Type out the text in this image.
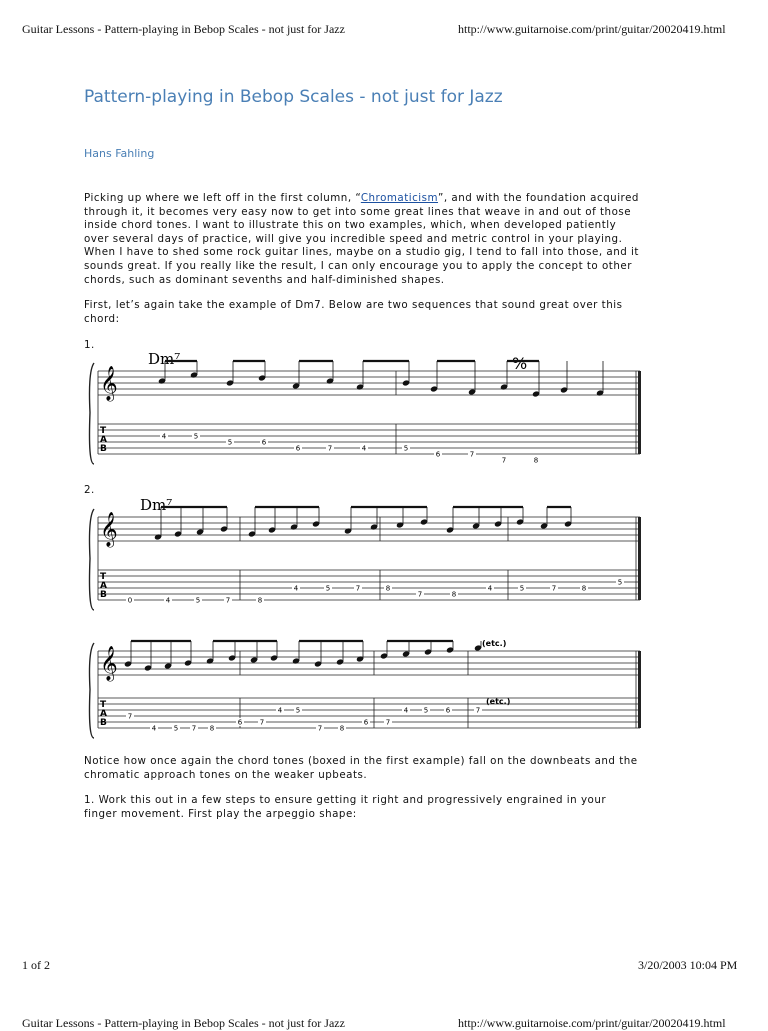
Guitar Lessons - Pattern-playing in Bebop Scales - not just for Jazz	http://www.guitarnoise.com/print/guitar/20020419.html
Pattern-playing in Bebop Scales - not just for Jazz
Hans Fahling

Picking up where we left off in the first column, “Chromaticism”, and with the foundation acquired through it, it becomes very easy now to get into some great lines that weave in and out of those inside chord tones. I want to illustrate this on two examples, which, when developed patiently over several days of practice, will give you incredible speed and metric control in your playing. When I have to shed some rock guitar lines, maybe on a studio gig, I tend to fall into those, and it sounds great. If you really like the result, I can only encourage you to apply the concept to other chords, such as dominant sevenths and half-diminished shapes.

First, let’s again take the example of Dm7. Below are two sequences that sound great over this chord:

1.
Dm⁷	%
𝄞
T
A
B
4	5
5	6
6	7	4	5
6	7
7	8
2.
Dm⁷
𝄞
T
A
B
0	4	5	7	8
4	5	7	8
7	8
4	5	7	8
5
(etc.)
(etc.)
𝄞
T
A
B
7
4	5 7 8
6	7
4 5
7	8
6	7
4 5	6	7

Notice how once again the chord tones (boxed in the first example) fall on the downbeats and the chromatic approach tones on the weaker upbeats.

1. Work this out in a few steps to ensure getting it right and progressively engrained in your finger movement. First play the arpeggio shape:

1 of 2	3/20/2003 10:04 PM
Guitar Lessons - Pattern-playing in Bebop Scales - not just for Jazz	http://www.guitarnoise.com/print/guitar/20020419.html
